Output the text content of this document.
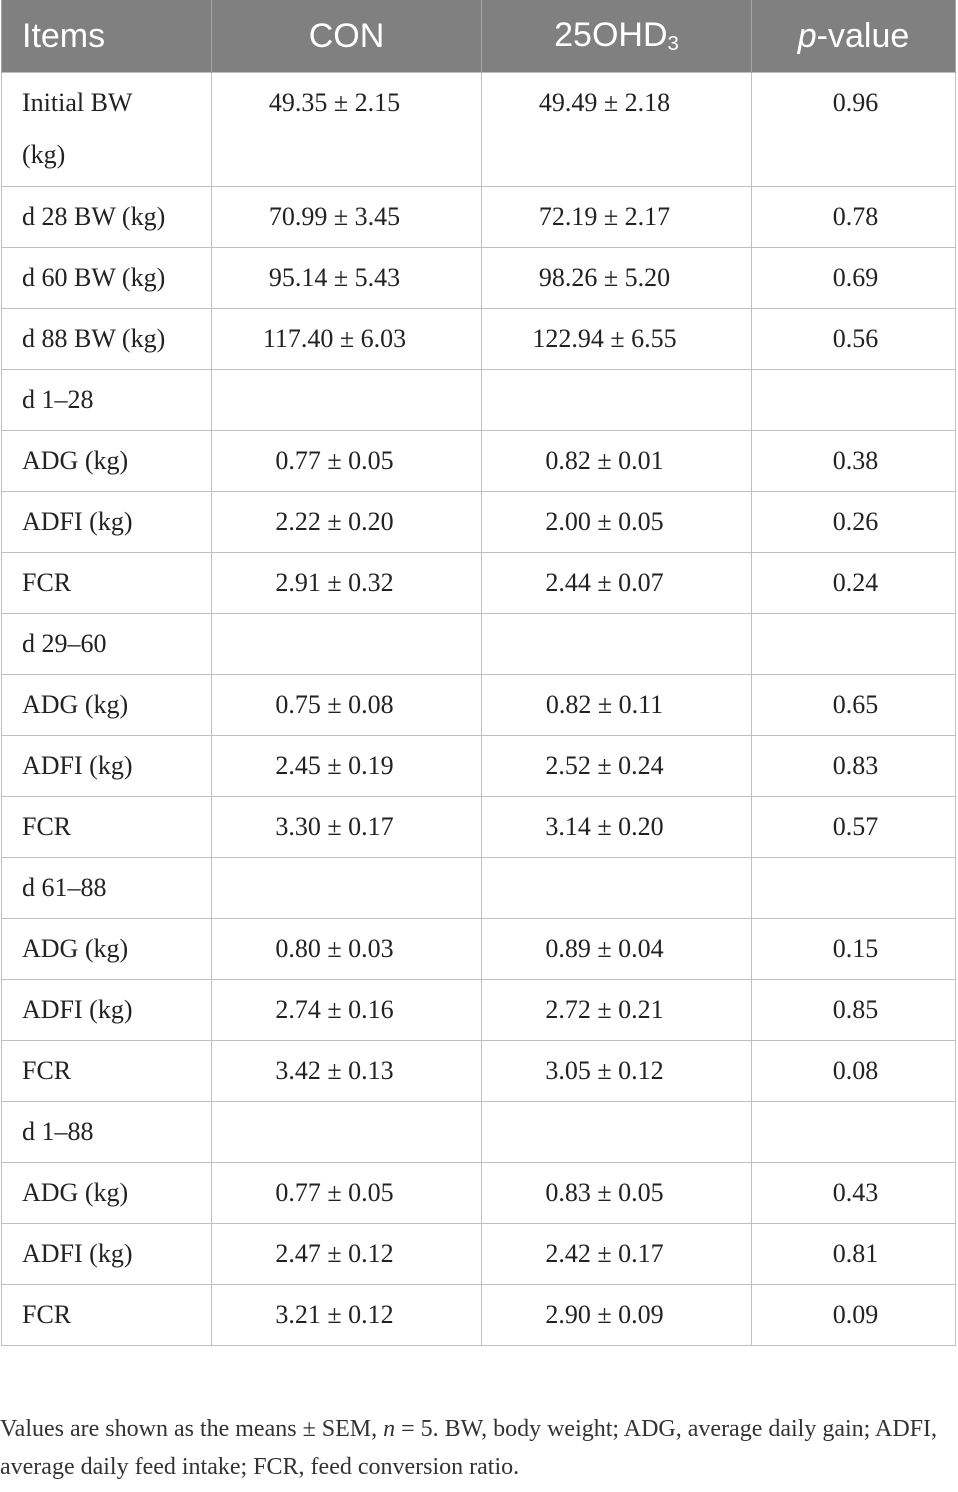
Items	CON	$25OHD_3$	p-value
Initial BW (kg)	49.35 ± 2.15	49.49 ± 2.18	0.96
d 28 BW (kg)	70.99 ± 3.45	72.19 ± 2.17	0.78
d 60 BW (kg)	95.14 ± 5.43	98.26 ± 5.20	0.69
d 88 BW (kg)	117.40 ± 6.03	122.94 ± 6.55	0.56
d 1–28			
ADG (kg)	0.77 ± 0.05	0.82 ± 0.01	0.38
ADFI (kg)	2.22 ± 0.20	2.00 ± 0.05	0.26
FCR	2.91 ± 0.32	2.44 ± 0.07	0.24
d 29–60			
ADG (kg)	0.75 ± 0.08	0.82 ± 0.11	0.65
ADFI (kg)	2.45 ± 0.19	2.52 ± 0.24	0.83
FCR	3.30 ± 0.17	3.14 ± 0.20	0.57
d 61–88			
ADG (kg)	0.80 ± 0.03	0.89 ± 0.04	0.15
ADFI (kg)	2.74 ± 0.16	2.72 ± 0.21	0.85
FCR	3.42 ± 0.13	3.05 ± 0.12	0.08
d 1–88			
ADG (kg)	0.77 ± 0.05	0.83 ± 0.05	0.43
ADFI (kg)	2.47 ± 0.12	2.42 ± 0.17	0.81
FCR	3.21 ± 0.12	2.90 ± 0.09	0.09
Values are shown as the means ± SEM, n = 5. BW, body weight; ADG, average daily gain; ADFI, average daily feed intake; FCR, feed conversion ratio.
